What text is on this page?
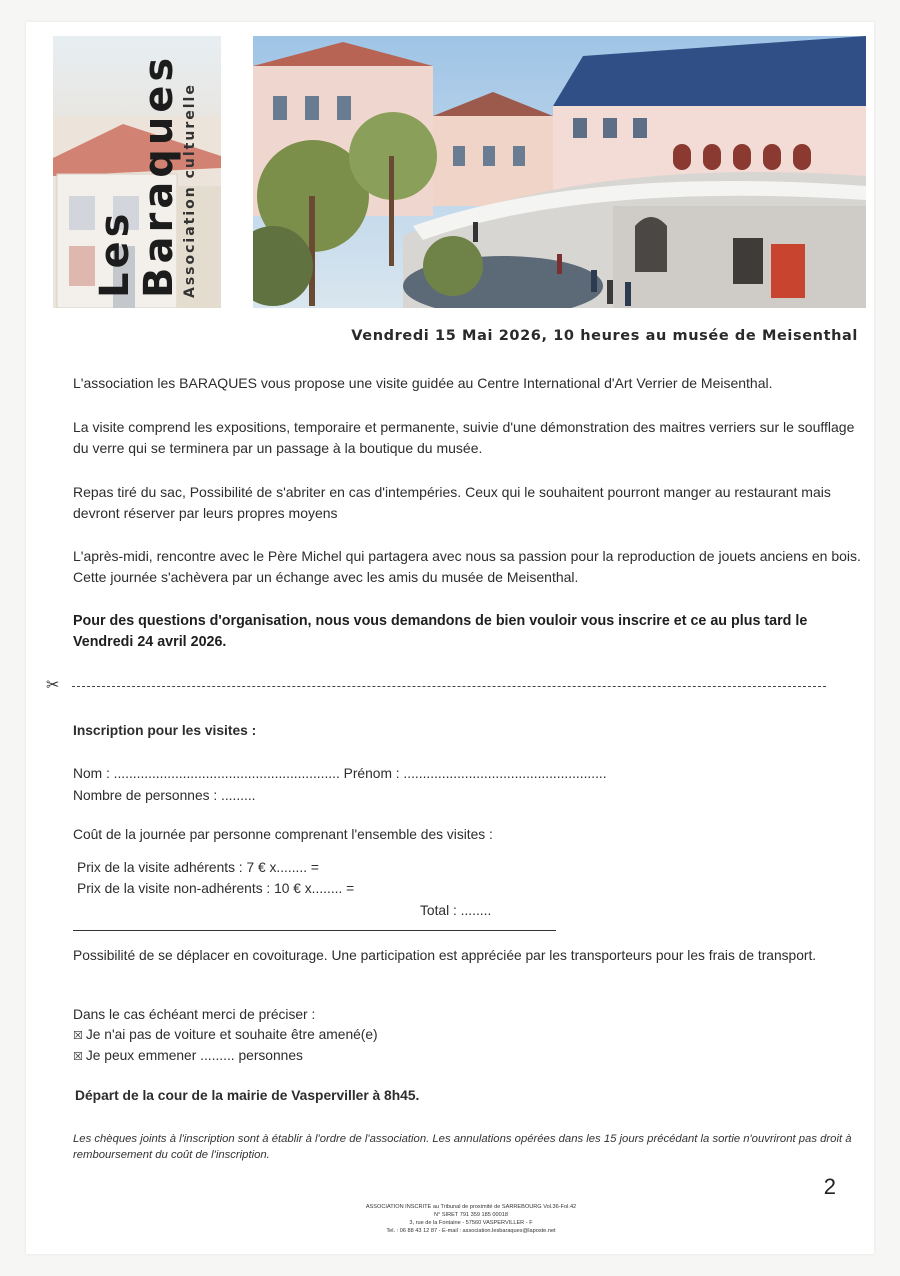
Les
Baraques Association culturelle
Vendredi 15 Mai 2026, 10 heures au musée de Meisenthal
L'association les BARAQUES vous propose une visite guidée au Centre International d'Art Verrier de Meisenthal.
La visite comprend les expositions, temporaire et permanente, suivie d'une démonstration des maitres verriers sur le soufflage du verre qui se terminera par un passage à la boutique du musée.
Repas tiré du sac, Possibilité de s'abriter en cas d'intempéries. Ceux qui le souhaitent pourront manger au restaurant mais devront réserver par leurs propres moyens
L'après-midi, rencontre avec le Père Michel qui partagera avec nous sa passion pour la reproduction de jouets anciens en bois. Cette journée s'achèvera par un échange avec les amis du musée de Meisenthal.
Pour des questions d'organisation, nous vous demandons de bien vouloir vous inscrire et ce au plus tard le Vendredi 24 avril 2026.
✂
Inscription pour les visites :
Nom : ........................................................... Prénom : .....................................................
Nombre de personnes : .........
Coût de la journée par personne comprenant l'ensemble des visites :
Prix de la visite adhérents : 7 € x........ =
Prix de la visite non-adhérents : 10 € x........ =
Total : ........
Possibilité de se déplacer en covoiturage. Une participation est appréciée par les transporteurs pour les frais de transport.
Dans le cas échéant merci de préciser :
☒ Je n'ai pas de voiture et souhaite être amené(e)
☒ Je peux emmener ......... personnes
Départ de la cour de la mairie de Vasperviller à 8h45.
Les chèques joints à l'inscription sont à établir à l'ordre de l'association. Les annulations opérées dans les 15 jours précédant la sortie n'ouvriront pas droit à remboursement du coût de l'inscription.
2
ASSOCIATION INSCRITE au Tribunal de proximité de SARREBOURG Vol.36-Fol.42
N° SIRET 791 359 185 00018
3, rue de la Fontaine - 57560 VASPERVILLER - F
Tel. : 06 88 43 12 87 - E-mail : association.lesbaraques@laposte.net
